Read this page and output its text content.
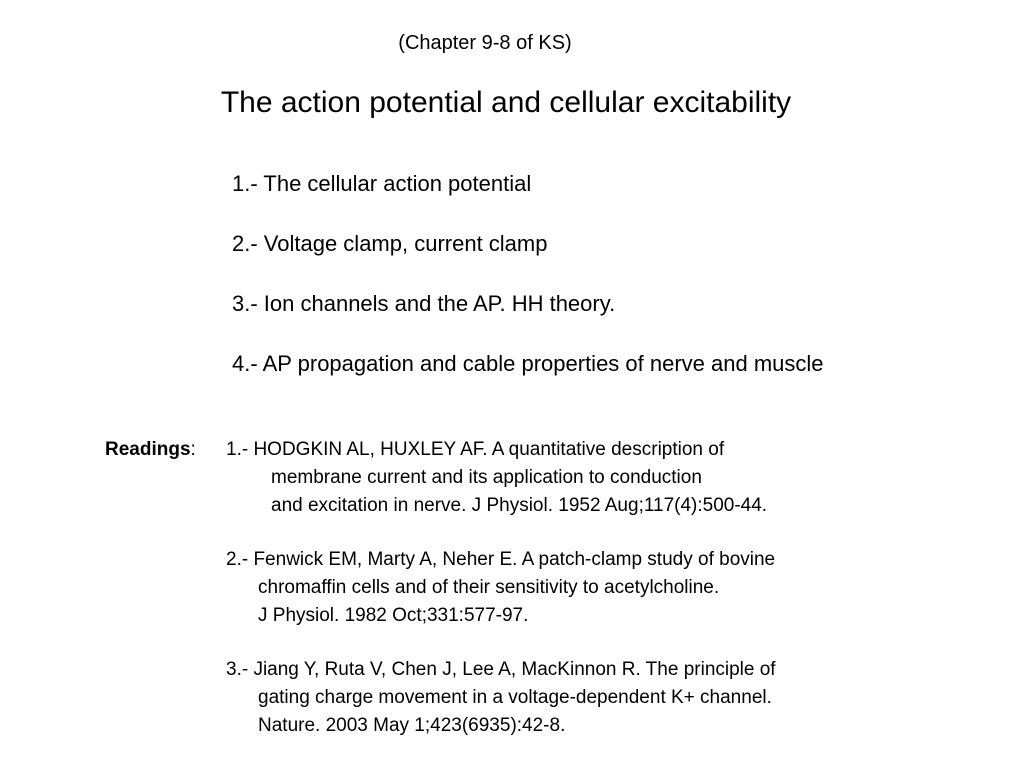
(Chapter 9-8 of KS)
The action potential and cellular excitability
1.- The cellular action potential
2.- Voltage clamp, current clamp
3.- Ion channels and the AP. HH theory.
4.- AP propagation and cable properties of nerve and muscle
Readings: 1.- HODGKIN AL, HUXLEY AF. A quantitative description of
membrane current and its application to conduction
and excitation in nerve. J Physiol. 1952 Aug;117(4):500-44.
2.- Fenwick EM, Marty A, Neher E. A patch-clamp study of bovine
chromaffin cells and of their sensitivity to acetylcholine.
J Physiol. 1982 Oct;331:577-97.
3.- Jiang Y, Ruta V, Chen J, Lee A, MacKinnon R. The principle of
gating charge movement in a voltage-dependent K+ channel.
Nature. 2003 May 1;423(6935):42-8.
